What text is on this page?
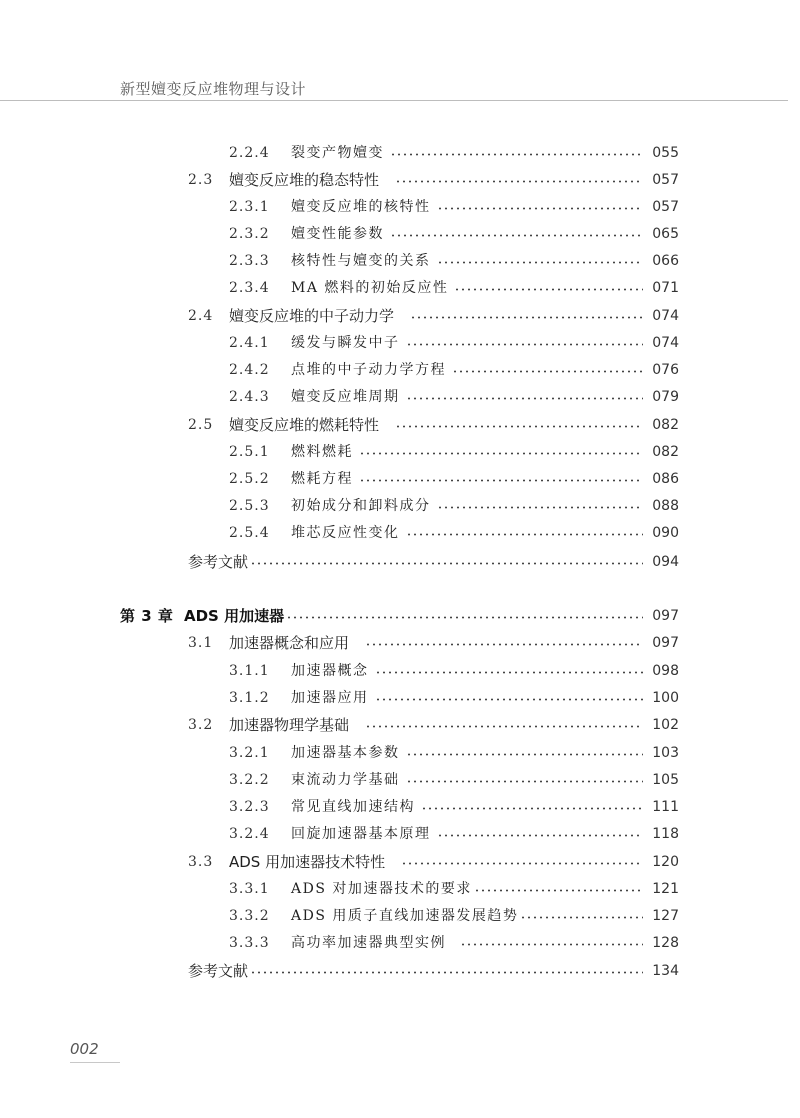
新型嬗变反应堆物理与设计
2.2.4	裂变产物嬗变	055
2.3	嬗变反应堆的稳态特性	057
2.3.1	嬗变反应堆的核特性	057
2.3.2	嬗变性能参数	065
2.3.3	核特性与嬗变的关系	066
2.3.4	MA 燃料的初始反应性	071
2.4	嬗变反应堆的中子动力学	074
2.4.1	缓发与瞬发中子	074
2.4.2	点堆的中子动力学方程	076
2.4.3	嬗变反应堆周期	079
2.5	嬗变反应堆的燃耗特性	082
2.5.1	燃料燃耗	082
2.5.2	燃耗方程	086
2.5.3	初始成分和卸料成分	088
2.5.4	堆芯反应性变化	090
参考文献	094
第 3 章 ADS 用加速器	097
3.1	加速器概念和应用	097
3.1.1	加速器概念	098
3.1.2	加速器应用	100
3.2	加速器物理学基础	102
3.2.1	加速器基本参数	103
3.2.2	束流动力学基础	105
3.2.3	常见直线加速结构	111
3.2.4	回旋加速器基本原理	118
3.3	ADS 用加速器技术特性	120
3.3.1	ADS 对加速器技术的要求	121
3.3.2	ADS 用质子直线加速器发展趋势	127
3.3.3	高功率加速器典型实例	128
参考文献	134
002
